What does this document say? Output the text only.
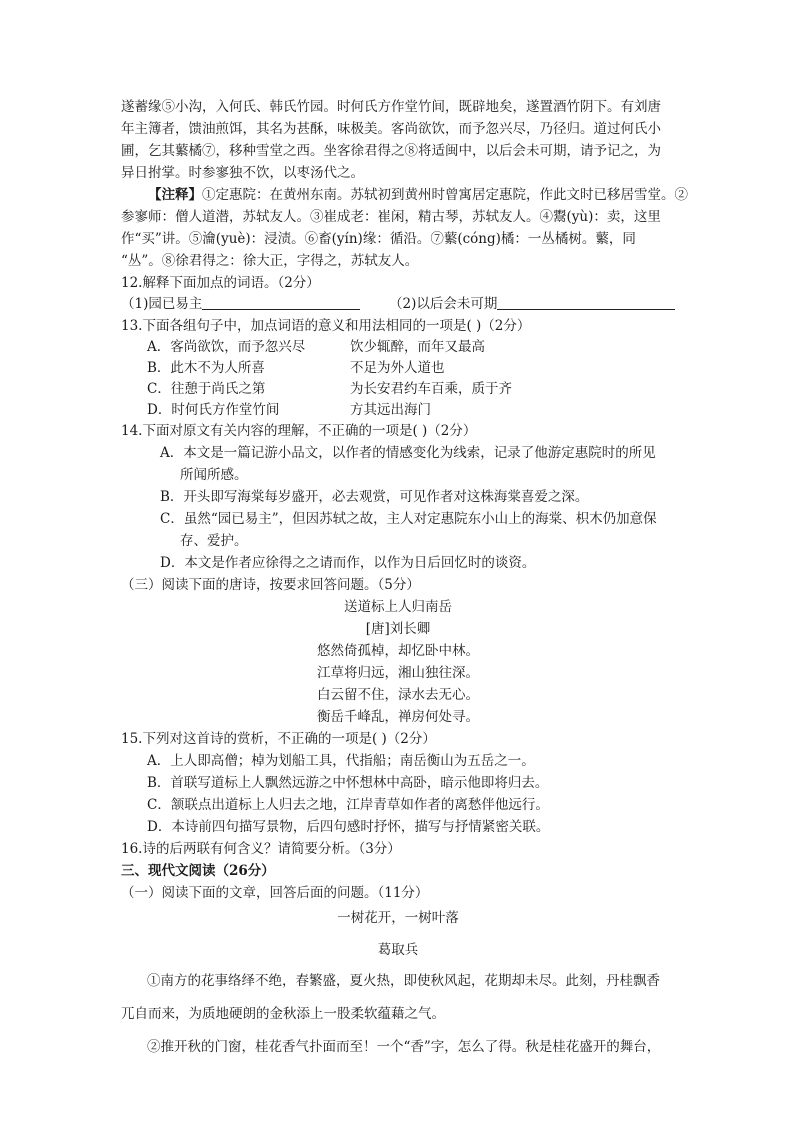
遂蓄缘⑤小沟，入何氏、韩氏竹园。时何氏方作堂竹间，既辟地矣，遂置酒竹阴下。有刘唐
年主簿者，馈油煎饵，其名为甚酥，味极美。客尚欲饮，而予忽兴尽，乃径归。道过何氏小
圃，乞其蘩橘⑦，移种雪堂之西。坐客徐君得之⑧将适闽中，以后会未可期，请予记之，为
异日拊掌。时参寥独不饮，以枣汤代之。
【注释】①定惠院：在黄州东南。苏轼初到黄州时曾寓居定惠院，作此文时已移居雪堂。②
参寥师：僧人道潜，苏轼友人。③崔成老：崔闲，精古琴，苏轼友人。④鬻(yù)：卖，这里
作“买”讲。⑤瀹(yuè)：浸渍。⑥畜(yín)缘：循沿。⑦蘩(cóng)橘：一丛橘树。蘩，同
“丛”。⑧徐君得之：徐大正，字得之，苏轼友人。
12.解释下面加点的词语。（2分）
（1)园已易主	（2)以后会未可期
13.下面各组句子中，加点词语的意义和用法相同的一项是( )（2分）
A．客尚欲饮，而予忽兴尽	饮少辄醉，而年又最高
B．此木不为人所喜	不足为外人道也
C．往憩于尚氏之第	为长安君约车百乘，质于齐
D．时何氏方作堂竹间	方其远出海门
14.下面对原文有关内容的理解，不正确的一项是( )（2分）
A．本文是一篇记游小品文，以作者的情感变化为线索，记录了他游定惠院时的所见
所闻所感。
B．开头即写海棠每岁盛开，必去观赏，可见作者对这株海棠喜爱之深。
C．虽然“园已易主”，但因苏轼之故，主人对定惠院东小山上的海棠、枳木仍加意保
存、爱护。
D．本文是作者应徐得之之请而作，以作为日后回忆时的谈资。
（三）阅读下面的唐诗，按要求回答问题。（5分）
送道标上人归南岳
[唐]刘长卿
悠然倚孤棹，却忆卧中林。
江草将归远，湘山独往深。
白云留不住，渌水去无心。
衡岳千峰乱，禅房何处寻。
15.下列对这首诗的赏析，不正确的一项是( )（2分）
A．上人即高僧；棹为划船工具，代指船；南岳衡山为五岳之一。
B．首联写道标上人飘然远游之中怀想林中高卧，暗示他即将归去。
C．颔联点出道标上人归去之地，江岸青草如作者的离愁伴他远行。
D．本诗前四句描写景物，后四句感时抒怀，描写与抒情紧密关联。
16.诗的后两联有何含义？请简要分析。（3分）
三、现代文阅读（26分）
（一）阅读下面的文章，回答后面的问题。（11分）
一树花开，一树叶落
葛取兵
①南方的花事络绎不绝，春繁盛，夏火热，即使秋风起，花期却未尽。此刻，丹桂飘香
兀自而来，为质地硬朗的金秋添上一股柔软蕴藉之气。
②推开秋的门窗，桂花香气扑面而至！一个“香”字，怎么了得。秋是桂花盛开的舞台，
